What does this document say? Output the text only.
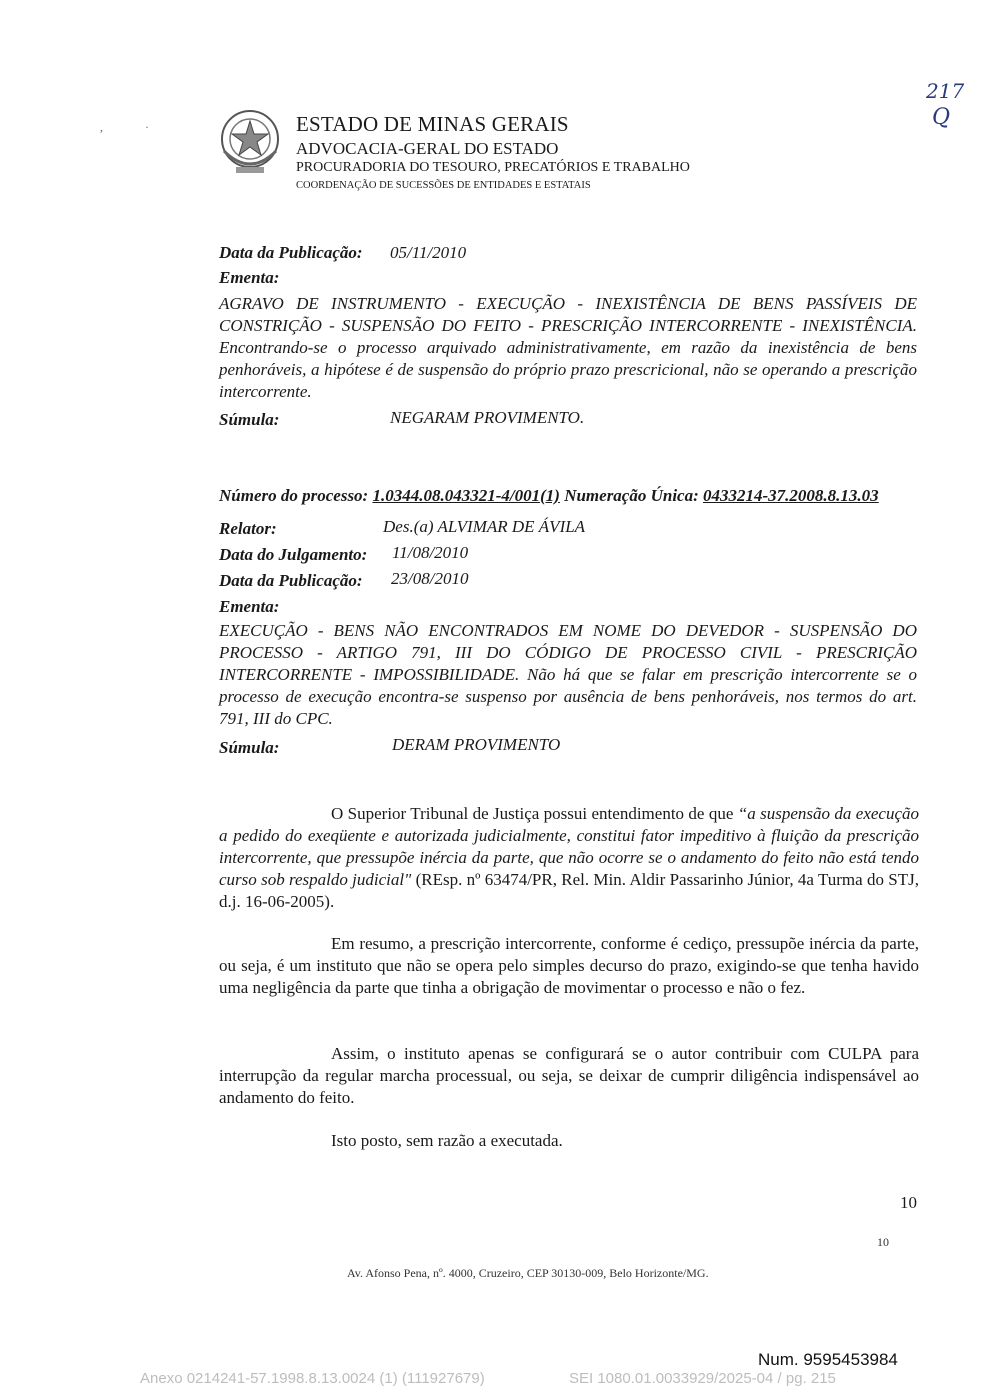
,              ·	ESTADO DE MINAS GERAIS
ADVOCACIA-GERAL DO ESTADO
PROCURADORIA DO TESOURO, PRECATÓRIOS E TRABALHO
COORDENAÇÃO DE SUCESSÕES DE ENTIDADES E ESTATAIS
217
Q
Data da Publicação: 05/11/2010
Ementa:
AGRAVO DE INSTRUMENTO - EXECUÇÃO - INEXISTÊNCIA DE BENS PASSÍVEIS DE CONSTRIÇÃO - SUSPENSÃO DO FEITO - PRESCRIÇÃO INTERCORRENTE - INEXISTÊNCIA. Encontrando-se o processo arquivado administrativamente, em razão da inexistência de bens penhoráveis, a hipótese é de suspensão do próprio prazo prescricional, não se operando a prescrição intercorrente.
Súmula:	NEGARAM PROVIMENTO.
Número do processo: 1.0344.08.043321-4/001(1) Numeração Única: 0433214-37.2008.8.13.03
Relator:	Des.(a) ALVIMAR DE ÁVILA
Data do Julgamento: 11/08/2010
Data da Publicação: 23/08/2010
Ementa:
EXECUÇÃO - BENS NÃO ENCONTRADOS EM NOME DO DEVEDOR - SUSPENSÃO DO PROCESSO - ARTIGO 791, III DO CÓDIGO DE PROCESSO CIVIL - PRESCRIÇÃO INTERCORRENTE - IMPOSSIBILIDADE. Não há que se falar em prescrição intercorrente se o processo de execução encontra-se suspenso por ausência de bens penhoráveis, nos termos do art. 791, III do CPC.
Súmula:	DERAM PROVIMENTO
O Superior Tribunal de Justiça possui entendimento de que “a suspensão da execução a pedido do exeqüente e autorizada judicialmente, constitui fator impeditivo à fluição da prescrição intercorrente, que pressupõe inércia da parte, que não ocorre se o andamento do feito não está tendo curso sob respaldo judicial" (REsp. nº 63474/PR, Rel. Min. Aldir Passarinho Júnior, 4a Turma do STJ, d.j. 16-06-2005).
Em resumo, a prescrição intercorrente, conforme é cediço, pressupõe inércia da parte, ou seja, é um instituto que não se opera pelo simples decurso do prazo, exigindo-se que tenha havido uma negligência da parte que tinha a obrigação de movimentar o processo e não o fez.
Assim, o instituto apenas se configurará se o autor contribuir com CULPA para interrupção da regular marcha processual, ou seja, se deixar de cumprir diligência indispensável ao andamento do feito.
Isto posto, sem razão a executada.
10
10
Av. Afonso Pena, nº. 4000, Cruzeiro, CEP 30130-009, Belo Horizonte/MG.
Num. 9595453984
Anexo 0214241-57.1998.8.13.0024 (1) (111927679)	SEI 1080.01.0033929/2025-04 / pg. 215
